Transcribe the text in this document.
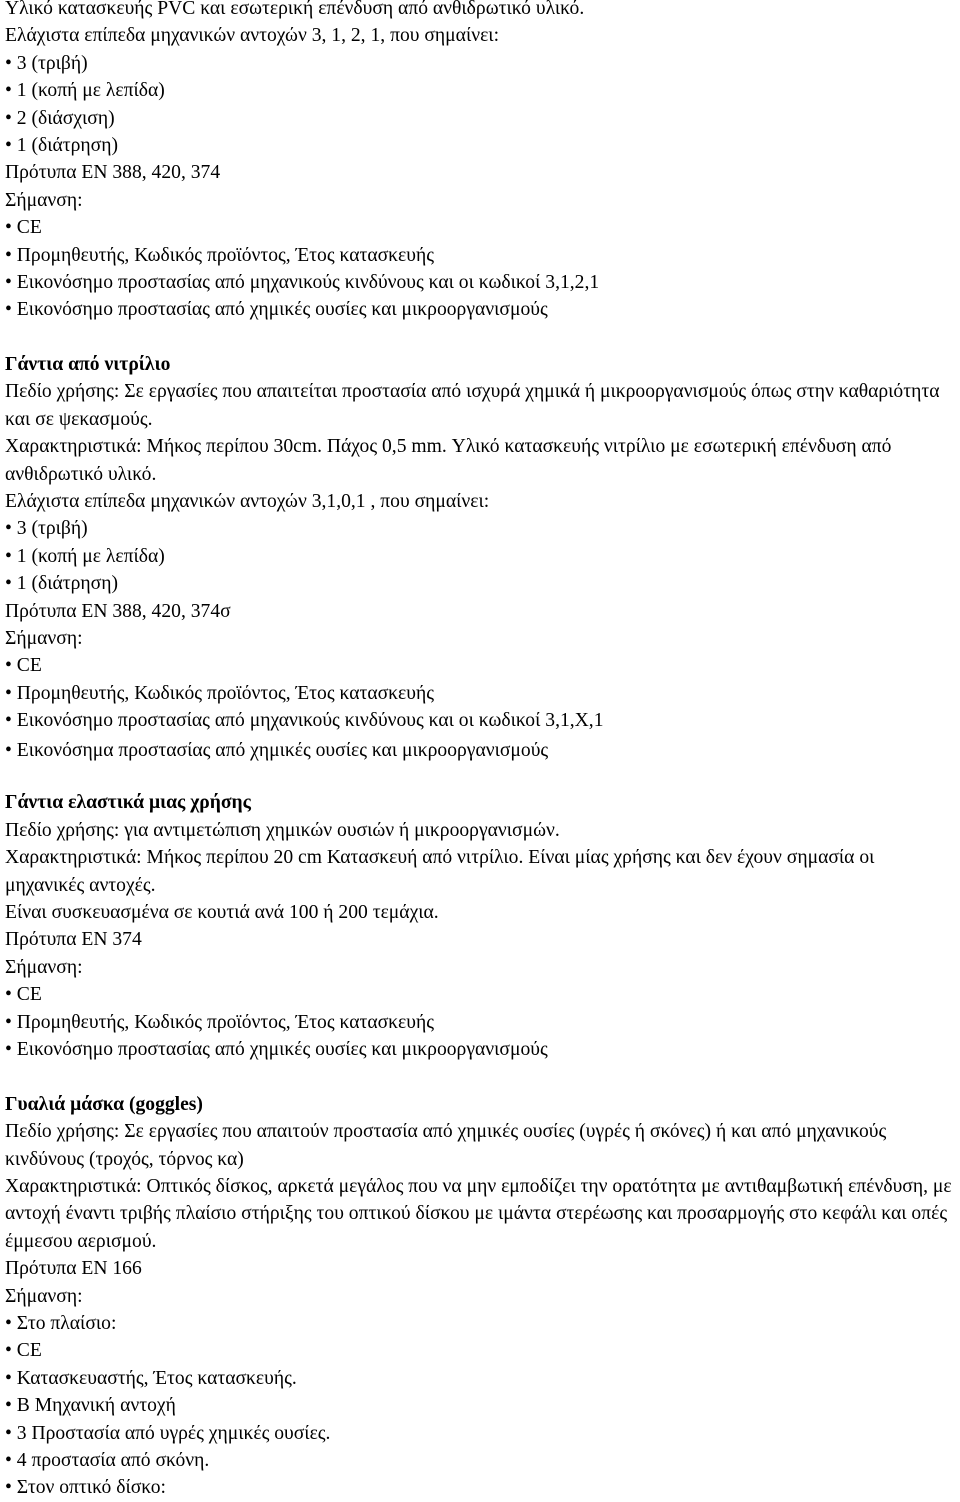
Υλικό κατασκευής PVC και εσωτερική επένδυση από ανθιδρωτικό υλικό.
Ελάχιστα επίπεδα μηχανικών αντοχών 3, 1, 2, 1, που σημαίνει:
• 3 (τριβή)
• 1 (κοπή με λεπίδα)
• 2 (διάσχιση)
• 1 (διάτρηση)
Πρότυπα EN 388, 420, 374
Σήμανση:
• CE
• Προμηθευτής, Κωδικός προϊόντος, Έτος κατασκευής
• Εικονόσημο προστασίας από μηχανικούς κινδύνους και οι κωδικοί 3,1,2,1
• Εικονόσημο προστασίας από χημικές ουσίες και μικροοργανισμούς
Γάντια από νιτρίλιο
Πεδίο χρήσης: Σε εργασίες που απαιτείται προστασία από ισχυρά χημικά ή μικροοργανισμούς όπως στην καθαριότητα και σε ψεκασμούς.
Χαρακτηριστικά: Μήκος περίπου 30cm. Πάχος 0,5 mm. Υλικό κατασκευής νιτρίλιο με εσωτερική επένδυση από ανθιδρωτικό υλικό.
Ελάχιστα επίπεδα μηχανικών αντοχών 3,1,0,1 , που σημαίνει:
• 3 (τριβή)
• 1 (κοπή με λεπίδα)
• 1 (διάτρηση)
Πρότυπα EN 388, 420, 374σ
Σήμανση:
• CE
• Προμηθευτής, Κωδικός προϊόντος, Έτος κατασκευής
• Εικονόσημο προστασίας από μηχανικούς κινδύνους και οι κωδικοί 3,1,X,1
• Εικονόσημα προστασίας από χημικές ουσίες και μικροοργανισμούς
Γάντια ελαστικά μιας χρήσης
Πεδίο χρήσης: για αντιμετώπιση χημικών ουσιών ή μικροοργανισμών.
Χαρακτηριστικά: Μήκος περίπου 20 cm Κατασκευή από νιτρίλιο. Είναι μίας χρήσης και δεν έχουν σημασία οι μηχανικές αντοχές.
Είναι συσκευασμένα σε κουτιά ανά 100 ή 200 τεμάχια.
Πρότυπα EN 374
Σήμανση:
• CE
• Προμηθευτής, Κωδικός προϊόντος, Έτος κατασκευής
• Εικονόσημο προστασίας από χημικές ουσίες και μικροοργανισμούς
Γυαλιά μάσκα (goggles)
Πεδίο χρήσης: Σε εργασίες που απαιτούν προστασία από χημικές ουσίες (υγρές ή σκόνες) ή και από μηχανικούς κινδύνους (τροχός, τόρνος κα)
Χαρακτηριστικά: Οπτικός δίσκος, αρκετά μεγάλος που να μην εμποδίζει την ορατότητα με αντιθαμβωτική επένδυση, με αντοχή έναντι τριβής πλαίσιο στήριξης του οπτικού δίσκου με ιμάντα στερέωσης και προσαρμογής στο κεφάλι και οπές έμμεσου αερισμού.
Πρότυπα EN 166
Σήμανση:
• Στο πλαίσιο:
• CE
• Κατασκευαστής, Έτος κατασκευής.
• B Μηχανική αντοχή
• 3 Προστασία από υγρές χημικές ουσίες.
• 4 προστασία από σκόνη.
• Στον οπτικό δίσκο:
